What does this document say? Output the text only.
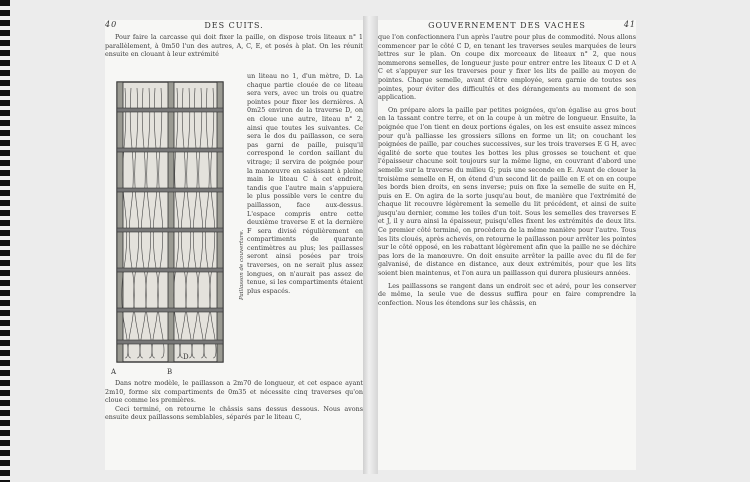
40	DES CUITS.

Pour faire la carcasse qui doit fixer la paille, on dispose trois liteaux n° 1 parallèlement, à 0m50 l'un des autres, A, C, E, et posés à plat. On les réunit ensuite en clouant à leur extrémité

A	B
D
Paillasson de couverture.

un liteau no 1, d'un mètre, D. La chaque partie clouée de ce liteau sera vers, avec un trois ou quatre pointes pour fixer les dernières. A 0m25 environ de la traverse D, on en cloue une autre, liteau n° 2, ainsi que toutes les suivantes. Ce sera le dos du paillasson, ce sera pas garni de paille, puisqu'il correspond le cordon saillant du vitrage; il servira de poignée pour la manœuvre en saisissant à pleine main le liteau C à cet endroit, tandis que l'autre main s'appuiera le plus possible vers le centre du paillasson, face aux-dessus. L'espace compris entre cette deuxième traverse E et la dernière F sera divisé régulièrement en compartiments de quarante centimètres au plus; les paillasses seront ainsi posées par trois traverses, on ne serait plus assez longues, on n'aurait pas assez de tenue, si les compartiments étaient plus espacés.

Dans notre modèle, le paillasson a 2m70 de longueur, et cet espace ayant 2m10, forme six compartiments de 0m35 et nécessite cinq traverses qu'on cloue comme les premières.

Ceci terminé, on retourne le châssis sans dessus dessous. Nous avons ensuite deux paillassons semblables, séparés par le liteau C,

GOUVERNEMENT DES VACHES	41

que l'on confectionnera l'un après l'autre pour plus de commodité. Nous allons commencer par le côté C D, en tenant les traverses seules marquées de leurs lettres sur le plan. On coupe dix morceaux de liteaux n° 2, que nous nommerons semelles, de longueur juste pour entrer entre les liteaux C D et A C et s'appuyer sur les traverses pour y fixer les lits de paille au moyen de pointes. Chaque semelle, avant d'être employée, sera garnie de toutes ses pointes, pour éviter des difficultés et des dérangements au moment de son application.

On prépare alors la paille par petites poignées, qu'on égalise au gros bout en la tassant contre terre, et on la coupe à un mètre de longueur. Ensuite, la poignée que l'on tient en deux portions égales, on les est ensuite assez minces pour qu'à palliasse les grossiers sillons en forme un lit; on couchant les poignées de paille, par couches successives, sur les trois traverses E G H, avec égalité de sorte que toutes les bottes les plus grosses se touchent et que l'épaisseur chacune soit toujours sur la même ligne, en couvrant d'abord une semelle sur la traverse du milieu G; puis une seconde en E. Avant de clouer la troisième semelle en H, on étend d'un second lit de paille en E et on en coupe les bords bien droits, en sens inverse; puis on fixe la semelle de suite en H, puis en E. On agira de la sorte jusqu'au bout, de manière que l'extrémité de chaque lit recouvre légèrement la semelle du lit précédent, et ainsi de suite jusqu'au dernier, comme les toiles d'un toit. Sous les semelles des traverses E et J, il y aura ainsi la épaisseur, puisqu'elles fixent les extrémités de deux lits. Ce premier côté terminé, on procèdera de la même manière pour l'autre. Tous les lits cloués, après achevés, on retourne le paillasson pour arrêter les pointes sur le côté opposé, en les rabattant légèrement afin que la paille ne se déchire pas lors de la manœuvre. On doit ensuite arrêter la paille avec du fil de fer galvanisé, de distance en distance, aux deux extrémités, pour que les lits soient bien maintenus, et l'on aura un paillasson qui durera plusieurs années.

Les paillassons se rangent dans un endroit sec et aéré, pour les conserver de même, la seule vue de dessus suffira pour en faire comprendre la confection. Nous les étendons sur les châssis, en
